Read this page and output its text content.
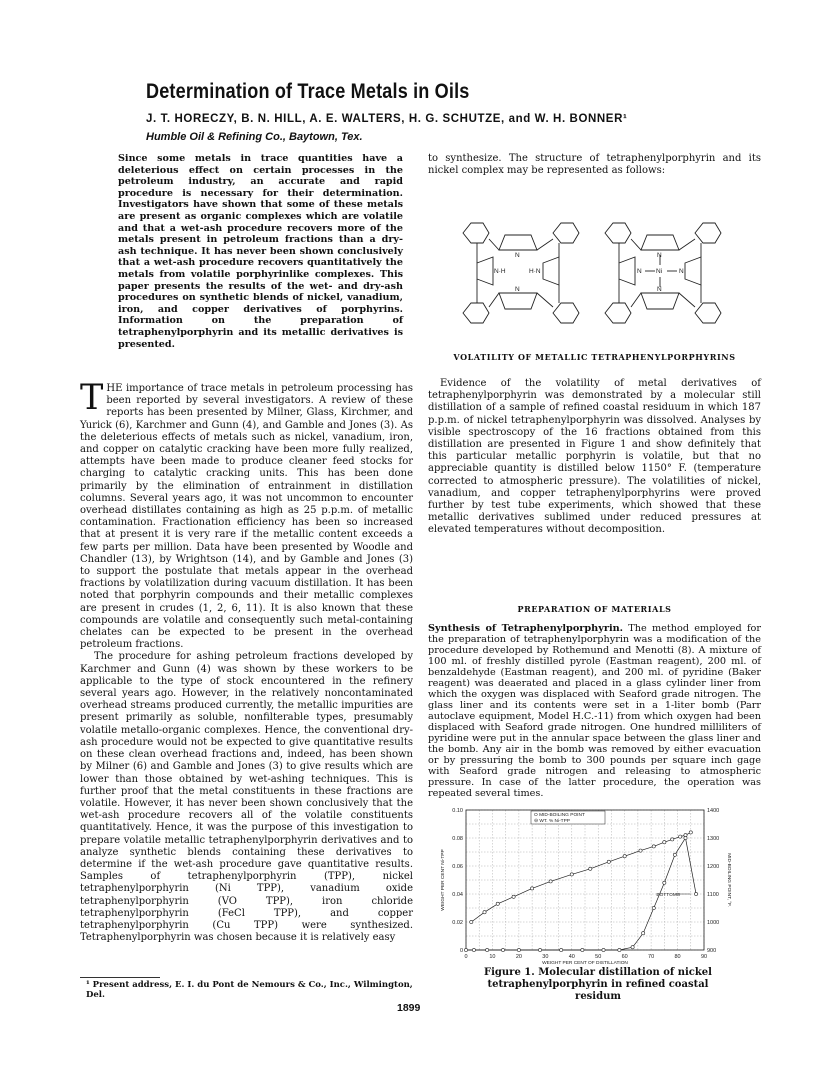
Determination of Trace Metals in Oils
J. T. HORECZY, B. N. HILL, A. E. WALTERS, H. G. SCHUTZE, and W. H. BONNER¹
Humble Oil & Refining Co., Baytown, Tex.
Since some metals in trace quantities have a deleterious effect on certain processes in the petroleum industry, an accurate and rapid procedure is necessary for their determination. Investigators have shown that some of these metals are present as organic complexes which are volatile and that a wet-ash procedure recovers more of the metals present in petroleum fractions than a dry-ash technique. It has never been shown conclusively that a wet-ash procedure recovers quantitatively the metals from volatile porphyrinlike complexes. This paper presents the results of the wet- and dry-ash procedures on synthetic blends of nickel, vanadium, iron, and copper derivatives of porphyrins. Information on the preparation of tetraphenylporphyrin and its metallic derivatives is presented.

THE importance of trace metals in petroleum processing has been reported by several investigators. A review of these reports has been presented by Milner, Glass, Kirchmer, and Yurick (6), Karchmer and Gunn (4), and Gamble and Jones (3). As the deleterious effects of metals such as nickel, vanadium, iron, and copper on catalytic cracking have been more fully realized, attempts have been made to produce cleaner feed stocks for charging to catalytic cracking units. This has been done primarily by the elimination of entrainment in distillation columns. Several years ago, it was not uncommon to encounter overhead distillates containing as high as 25 p.p.m. of metallic contamination. Fractionation efficiency has been so increased that at present it is very rare if the metallic content exceeds a few parts per million. Data have been presented by Woodle and Chandler (13), by Wrightson (14), and by Gamble and Jones (3) to support the postulate that metals appear in the overhead fractions by volatilization during vacuum distillation. It has been noted that porphyrin compounds and their metallic complexes are present in crudes (1, 2, 6, 11). It is also known that these compounds are volatile and consequently such metal-containing chelates can be expected to be present in the overhead petroleum fractions.

The procedure for ashing petroleum fractions developed by Karchmer and Gunn (4) was shown by these workers to be applicable to the type of stock encountered in the refinery several years ago. However, in the relatively noncontaminated overhead streams produced currently, the metallic impurities are present primarily as soluble, nonfilterable types, presumably volatile metallo-organic complexes. Hence, the conventional dry-ash procedure would not be expected to give quantitative results on these clean overhead fractions and, indeed, has been shown by Milner (6) and Gamble and Jones (3) to give results which are lower than those obtained by wet-ashing techniques. This is further proof that the metal constituents in these fractions are volatile. However, it has never been shown conclusively that the wet-ash procedure recovers all of the volatile constituents quantitatively. Hence, it was the purpose of this investigation to prepare volatile metallic tetraphenylporphyrin derivatives and to analyze synthetic blends containing these derivatives to determine if the wet-ash procedure gave quantitative results. Samples of tetraphenylporphyrin (TPP), nickel tetraphenylporphyrin (Ni TPP), vanadium oxide tetraphenylporphyrin (VO TPP), iron chloride tetraphenylporphyrin (FeCl TPP), and copper tetraphenylporphyrin (Cu TPP) were synthesized. Tetraphenylporphyrin was chosen because it is relatively easy

¹ Present address, E. I. du Pont de Nemours & Co., Inc., Wilmington, Del.
1899
to synthesize. The structure of tetraphenylporphyrin and its nickel complex may be represented as follows:
N
N·H	H·N
N
N
N Ni	N
N
VOLATILITY OF METALLIC TETRAPHENYLPORPHYRINS
Evidence of the volatility of metal derivatives of tetraphenylporphyrin was demonstrated by a molecular still distillation of a sample of refined coastal residuum in which 187 p.p.m. of nickel tetraphenylporphyrin was dissolved. Analyses by visible spectroscopy of the 16 fractions obtained from this distillation are presented in Figure 1 and show definitely that this particular metallic porphyrin is volatile, but that no appreciable quantity is distilled below 1150° F. (temperature corrected to atmospheric pressure). The volatilities of nickel, vanadium, and copper tetraphenylporphyrins were proved further by test tube experiments, which showed that these metallic derivatives sublimed under reduced pressures at elevated temperatures without decomposition.
PREPARATION OF MATERIALS
Synthesis of Tetraphenylporphyrin. The method employed for the preparation of tetraphenylporphyrin was a modification of the procedure developed by Rothemund and Menotti (8). A mixture of 100 ml. of freshly distilled pyrole (Eastman reagent), 200 ml. of benzaldehyde (Eastman reagent), and 200 ml. of pyridine (Baker reagent) was deaerated and placed in a glass cylinder liner from which the oxygen was displaced with Seaford grade nitrogen. The glass liner and its contents were set in a 1-liter bomb (Parr autoclave equipment, Model H.C.-11) from which oxygen had been displaced with Seaford grade nitrogen. One hundred milliliters of pyridine were put in the annular space between the glass liner and the bomb. Any air in the bomb was removed by either evacuation or by pressuring the bomb to 300 pounds per square inch gage with Seaford grade nitrogen and releasing to atmospheric pressure. In case of the latter procedure, the operation was repeated several times.
0	10	20	30	40	50	60	70	80	90
0
0.02
0.04
0.06
0.08
0.10
900
1000
1100
1200
1300
1400
WEIGHT PER CENT OF DISTILLATION
WEIGHT PER CENT Ni-TPP	MID-BOILING POINT, °F.
O MID-BOILING POINT
⊖ WT. % Ni-TPP
BOTTOMS
Figure 1. Molecular distillation of nickel tetraphenylporphyrin in refined coastal residum
